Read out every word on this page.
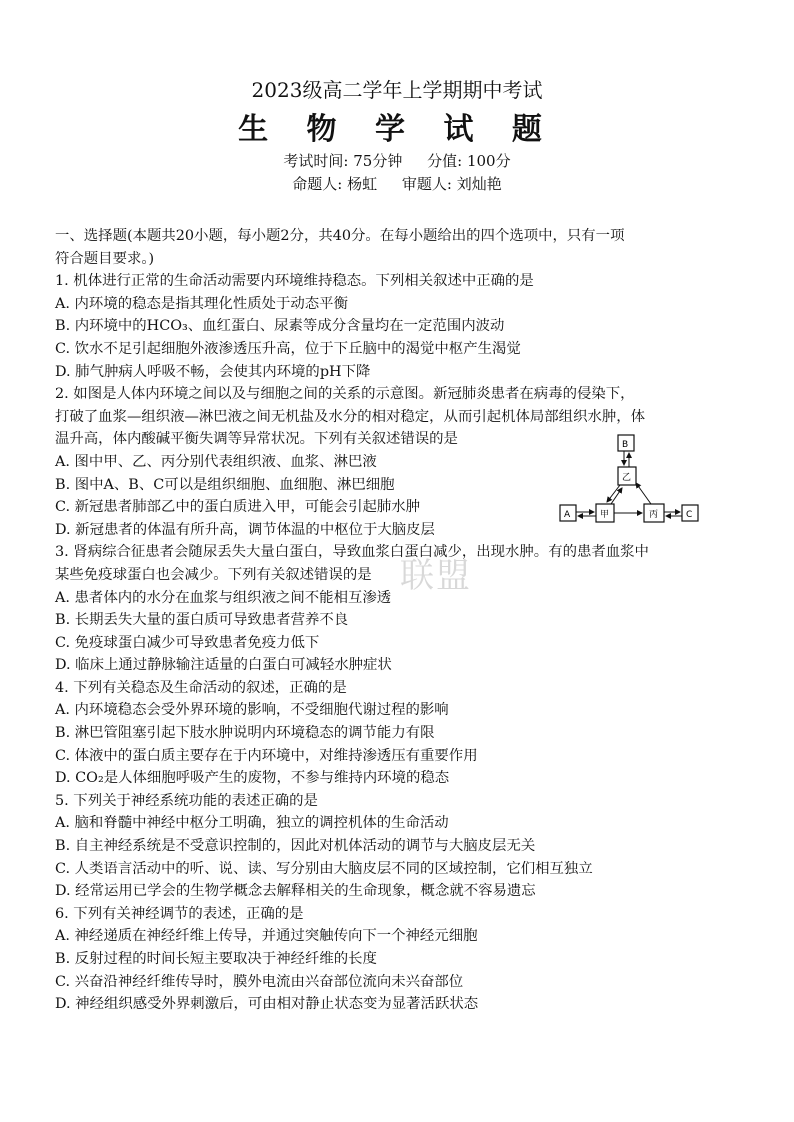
2023级高二学年上学期期中考试
生 物 学 试 题
考试时间: 75分钟 分值: 100分
命题人: 杨虹 审题人: 刘灿艳
一、选择题(本题共20小题，每小题2分，共40分。在每小题给出的四个选项中，只有一项
符合题目要求。)
1. 机体进行正常的生命活动需要内环境维持稳态。下列相关叙述中正确的是
A. 内环境的稳态是指其理化性质处于动态平衡
B. 内环境中的HCO₃、血红蛋白、尿素等成分含量均在一定范围内波动
C. 饮水不足引起细胞外液渗透压升高，位于下丘脑中的渴觉中枢产生渴觉
D. 肺气肿病人呼吸不畅，会使其内环境的pH下降
2. 如图是人体内环境之间以及与细胞之间的关系的示意图。新冠肺炎患者在病毒的侵染下，
打破了血浆—组织液—淋巴液之间无机盐及水分的相对稳定，从而引起机体局部组织水肿，体
温升高，体内酸碱平衡失调等异常状况。下列有关叙述错误的是
A. 图中甲、乙、丙分别代表组织液、血浆、淋巴液
B. 图中A、B、C可以是组织细胞、血细胞、淋巴细胞
C. 新冠患者肺部乙中的蛋白质进入甲，可能会引起肺水肿
D. 新冠患者的体温有所升高，调节体温的中枢位于大脑皮层
3. 肾病综合征患者会随尿丢失大量白蛋白，导致血浆白蛋白减少，出现水肿。有的患者血浆中
某些免疫球蛋白也会减少。下列有关叙述错误的是
A. 患者体内的水分在血浆与组织液之间不能相互渗透
B. 长期丢失大量的蛋白质可导致患者营养不良
C. 免疫球蛋白减少可导致患者免疫力低下
D. 临床上通过静脉输注适量的白蛋白可减轻水肿症状
4. 下列有关稳态及生命活动的叙述，正确的是
A. 内环境稳态会受外界环境的影响，不受细胞代谢过程的影响
B. 淋巴管阻塞引起下肢水肿说明内环境稳态的调节能力有限
C. 体液中的蛋白质主要存在于内环境中，对维持渗透压有重要作用
D. CO₂是人体细胞呼吸产生的废物，不参与维持内环境的稳态
5. 下列关于神经系统功能的表述正确的是
A. 脑和脊髓中神经中枢分工明确，独立的调控机体的生命活动
B. 自主神经系统是不受意识控制的，因此对机体活动的调节与大脑皮层无关
C. 人类语言活动中的听、说、读、写分别由大脑皮层不同的区域控制，它们相互独立
D. 经常运用已学会的生物学概念去解释相关的生命现象，概念就不容易遗忘
6. 下列有关神经调节的表述，正确的是
A. 神经递质在神经纤维上传导，并通过突触传向下一个神经元细胞
B. 反射过程的时间长短主要取决于神经纤维的长度
C. 兴奋沿神经纤维传导时，膜外电流由兴奋部位流向未兴奋部位
D. 神经组织感受外界刺激后，可由相对静止状态变为显著活跃状态
B
乙
A	甲	丙	C
联盟
